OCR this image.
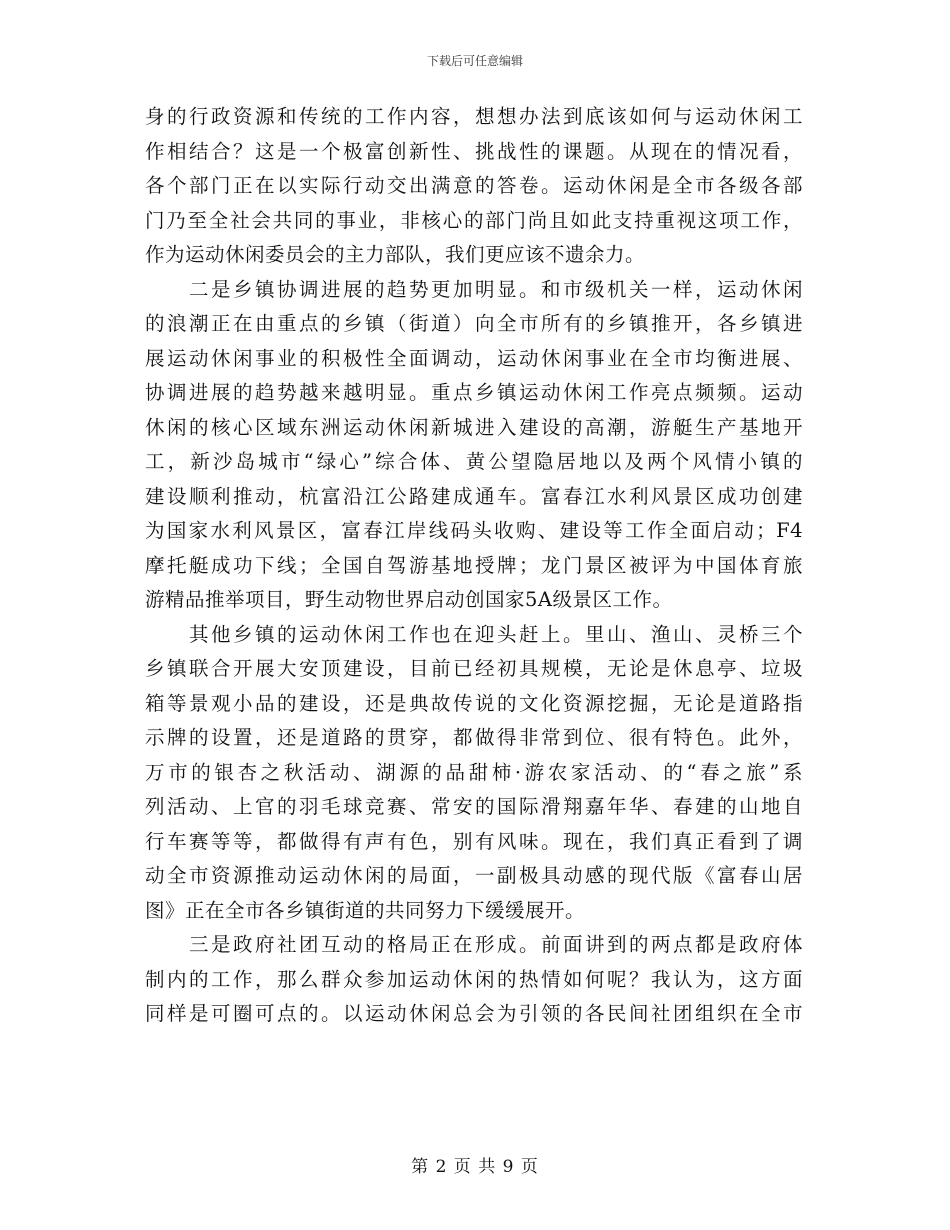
下载后可任意编辑
身的行政资源和传统的工作内容，想想办法到底该如何与运动休闲工
作相结合？这是一个极富创新性、挑战性的课题。从现在的情况看，
各个部门正在以实际行动交出满意的答卷。运动休闲是全市各级各部
门乃至全社会共同的事业，非核心的部门尚且如此支持重视这项工作，
作为运动休闲委员会的主力部队，我们更应该不遗余力。
　　二是乡镇协调进展的趋势更加明显。和市级机关一样，运动休闲
的浪潮正在由重点的乡镇（街道）向全市所有的乡镇推开，各乡镇进
展运动休闲事业的积极性全面调动，运动休闲事业在全市均衡进展、
协调进展的趋势越来越明显。重点乡镇运动休闲工作亮点频频。运动
休闲的核心区域东洲运动休闲新城进入建设的高潮，游艇生产基地开
工，新沙岛城市“绿心”综合体、黄公望隐居地以及两个风情小镇的
建设顺利推动，杭富沿江公路建成通车。富春江水利风景区成功创建
为国家水利风景区，富春江岸线码头收购、建设等工作全面启动；F4
摩托艇成功下线；全国自驾游基地授牌；龙门景区被评为中国体育旅
游精品推举项目，野生动物世界启动创国家5A级景区工作。
　　其他乡镇的运动休闲工作也在迎头赶上。里山、渔山、灵桥三个
乡镇联合开展大安顶建设，目前已经初具规模，无论是休息亭、垃圾
箱等景观小品的建设，还是典故传说的文化资源挖掘，无论是道路指
示牌的设置，还是道路的贯穿，都做得非常到位、很有特色。此外，
万市的银杏之秋活动、湖源的品甜柿·游农家活动、的“春之旅”系
列活动、上官的羽毛球竞赛、常安的国际滑翔嘉年华、春建的山地自
行车赛等等，都做得有声有色，别有风味。现在，我们真正看到了调
动全市资源推动运动休闲的局面，一副极具动感的现代版《富春山居
图》正在全市各乡镇街道的共同努力下缓缓展开。
　　三是政府社团互动的格局正在形成。前面讲到的两点都是政府体
制内的工作，那么群众参加运动休闲的热情如何呢？我认为，这方面
同样是可圈可点的。以运动休闲总会为引领的各民间社团组织在全市
第 2 页 共 9 页
